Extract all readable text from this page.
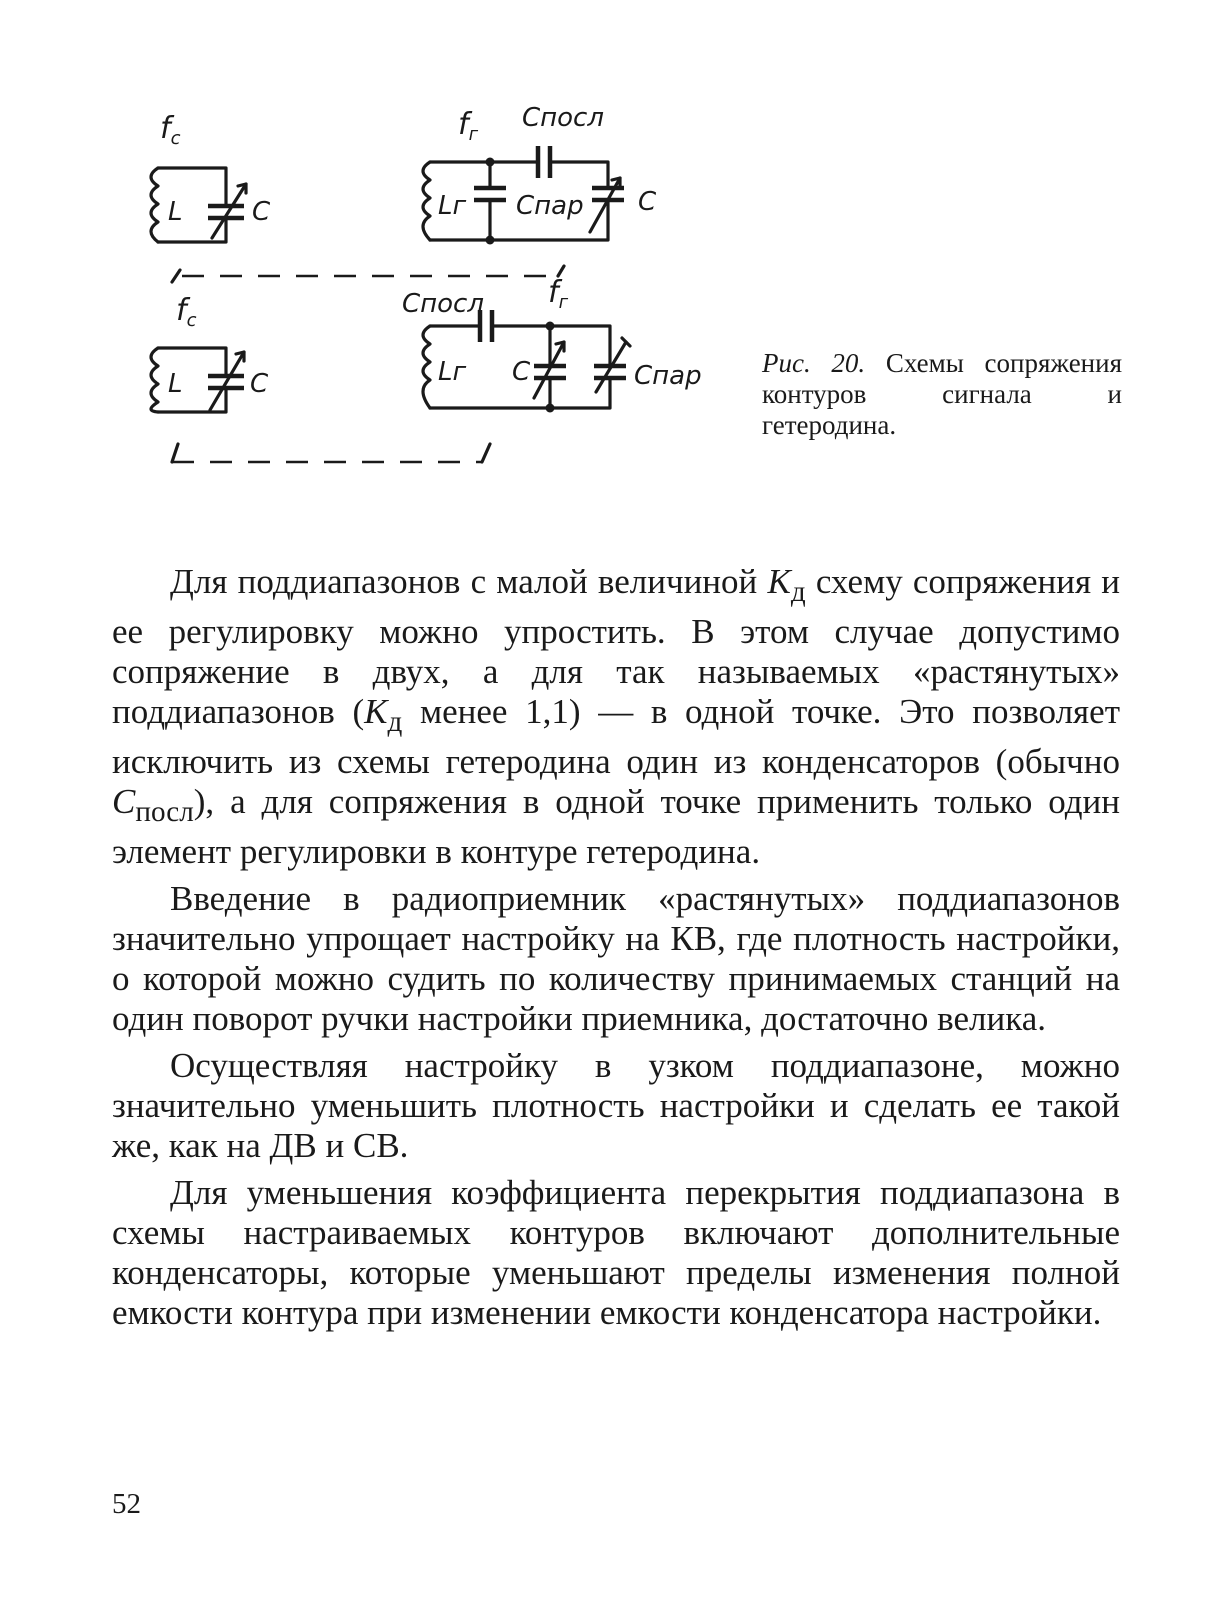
$f_c$
L	C
$f_г$
Cпосл
Lг Cпар C
$f_c$
L	C
Cпосл $f_г$
Lг C	Cпар Рис. 20. Схемы сопряжения контуров сигнала и гетеродина.

Для поддиапазонов с малой величиной $K_д$ схему сопряжения и ее регулировку можно упростить. В этом случае допустимо сопряжение в двух, а для так называемых «растянутых» поддиапазонов ($K_д$ менее 1,1) — в одной точке. Это позволяет исключить из схемы гетеродина один из конденсаторов (обычно $C_{посл}$), а для сопряжения в одной точке применить только один элемент регулировки в контуре гетеродина.

Введение в радиоприемник «растянутых» поддиапазонов значительно упрощает настройку на КВ, где плотность настройки, о которой можно судить по количеству принимаемых станций на один поворот ручки настройки приемника, достаточно велика.

Осуществляя настройку в узком поддиапазоне, можно значительно уменьшить плотность настройки и сделать ее такой же, как на ДВ и СВ.

Для уменьшения коэффициента перекрытия поддиапазона в схемы настраиваемых контуров включают дополнительные конденсаторы, которые уменьшают пределы изменения полной емкости контура при изменении емкости конденсатора настройки.

52
